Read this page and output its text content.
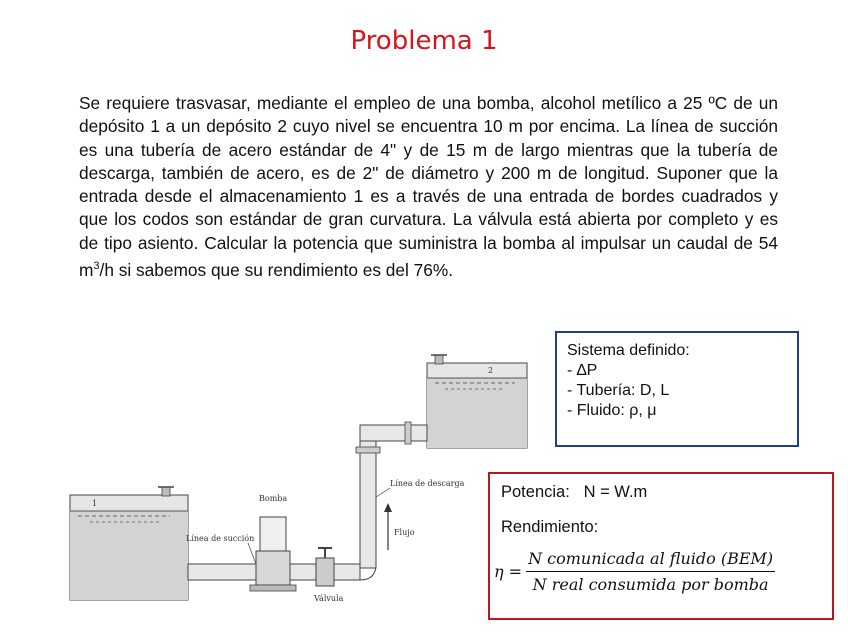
Problema 1
Se requiere trasvasar, mediante el empleo de una bomba, alcohol metílico a 25 ºC de un depósito 1 a un depósito 2 cuyo nivel se encuentra 10 m por encima. La línea de succión es una tubería de acero estándar de 4" y de 15 m de largo mientras que la tubería de descarga, también de acero, es de 2" de diámetro y 200 m de longitud. Suponer que la entrada desde el almacenamiento 1 es a través de una entrada de bordes cuadrados y que los codos son estándar de gran curvatura. La válvula está abierta por completo y es de tipo asiento. Calcular la potencia que suministra la bomba al impulsar un caudal de 54 $m^3/h$ si sabemos que su rendimiento es del 76%.
2
1
Línea de succión
Bomba
Válvula
Flujo
Línea de descarga
Sistema definido:
- ∆P
- Tubería: D, L
- Fluido: ρ, μ
Potencia: N = W.m
Rendimiento:
$\eta = \frac{\text{N comunicada al fluido (BEM)}}{\text{N real consumida por bomba}}$
